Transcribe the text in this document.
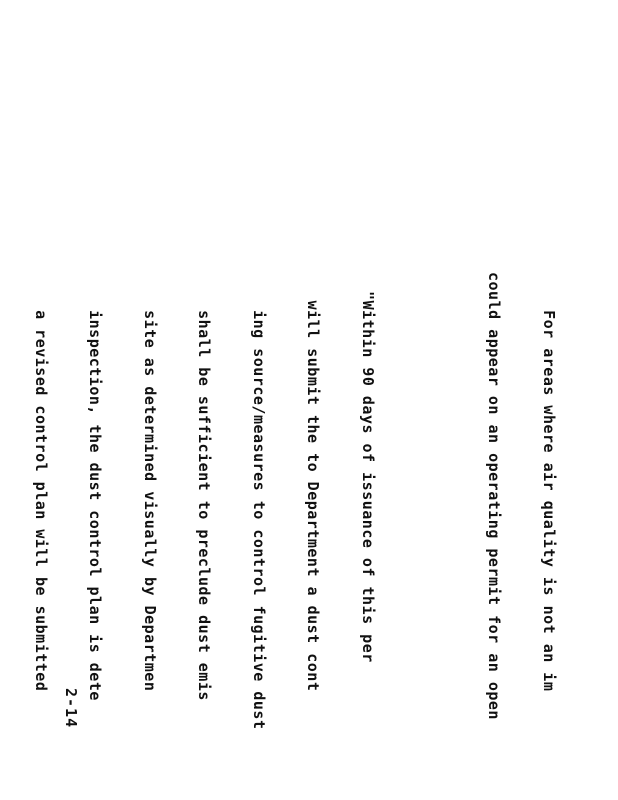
For areas where air quality is not an im

could appear on an operating permit for an open

"Within 90 days of issuance of this per

will submit the to Department a dust cont

ing source/measures to control fugitive dust

shall be sufficient to preclude dust emis

site as determined visually by Departmen

inspection, the dust control plan is dete

a revised control plan will be submitted

2-14
